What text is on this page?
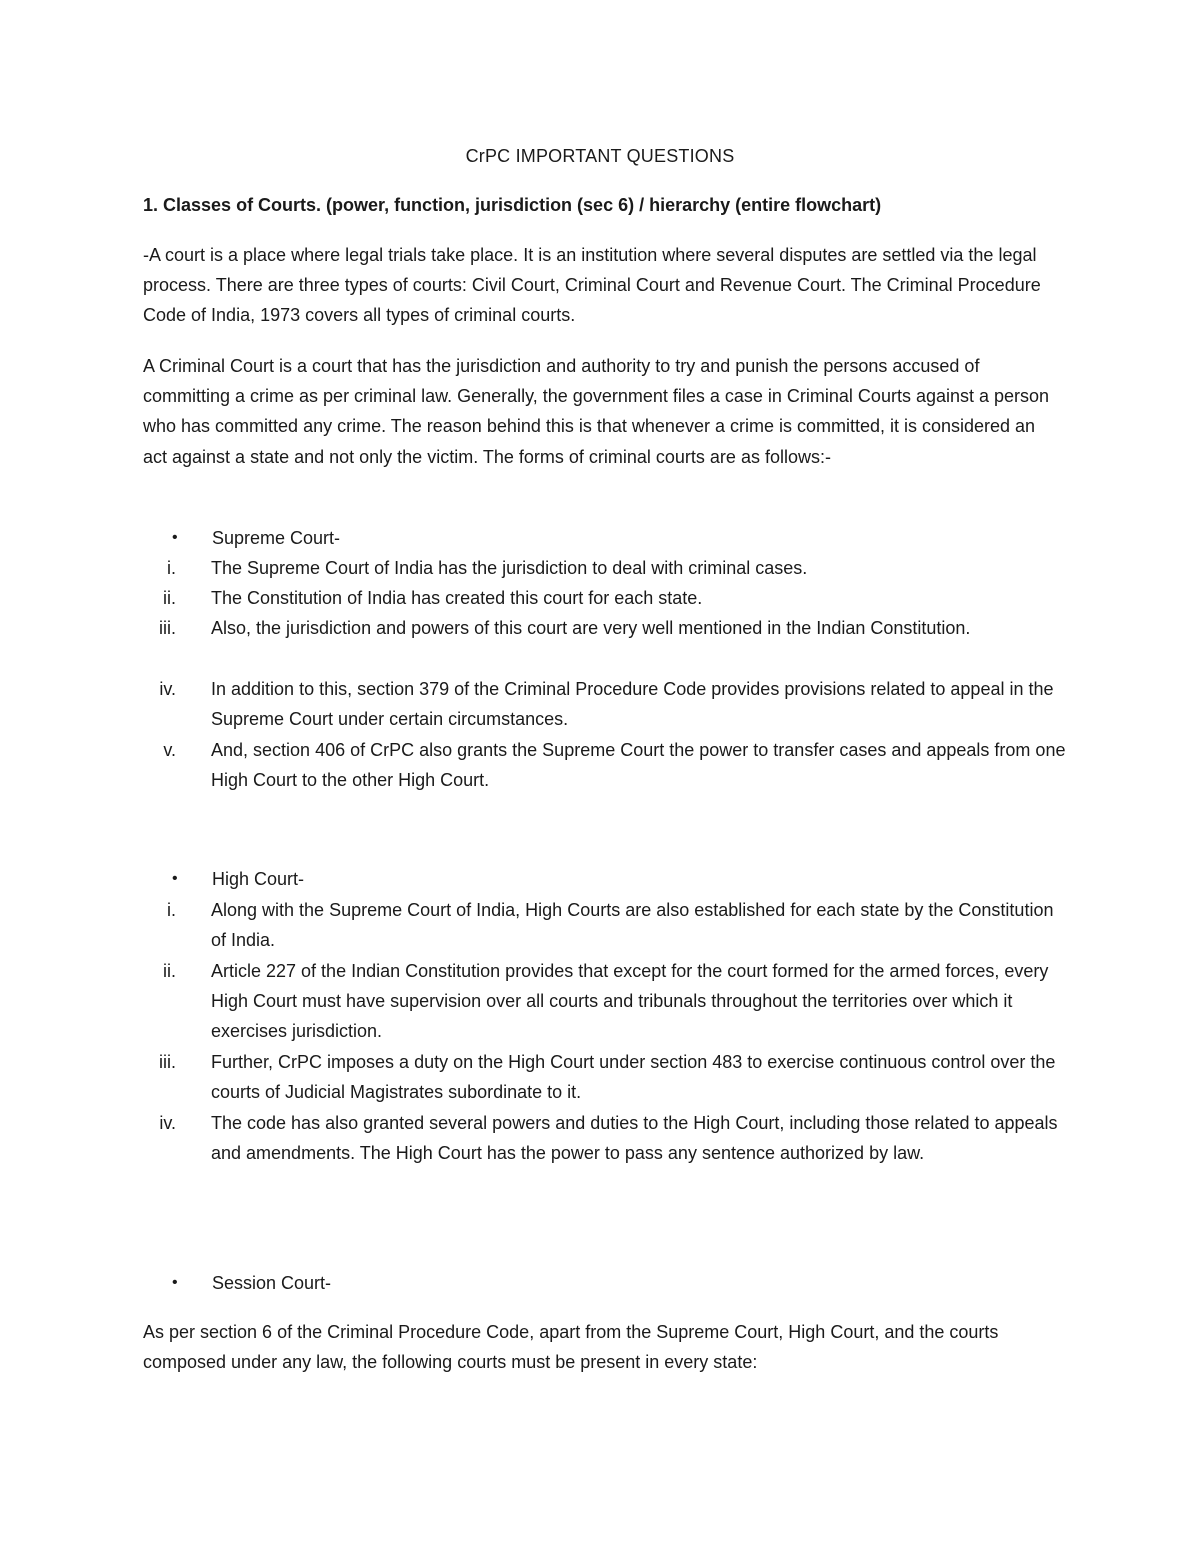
CrPC IMPORTANT QUESTIONS
1. Classes of Courts. (power, function, jurisdiction (sec 6) / hierarchy (entire flowchart)

-A court is a place where legal trials take place. It is an institution where several disputes are settled via the legal process. There are three types of courts: Civil Court, Criminal Court and Revenue Court. The Criminal Procedure Code of India, 1973 covers all types of criminal courts.

A Criminal Court is a court that has the jurisdiction and authority to try and punish the persons accused of committing a crime as per criminal law. Generally, the government files a case in Criminal Courts against a person who has committed any crime. The reason behind this is that whenever a crime is committed, it is considered an act against a state and not only the victim. The forms of criminal courts are as follows:-

•	Supreme Court-
i.	The Supreme Court of India has the jurisdiction to deal with criminal cases.
ii.	The Constitution of India has created this court for each state.
iii.	Also, the jurisdiction and powers of this court are very well mentioned in the Indian Constitution.
iv.	In addition to this, section 379 of the Criminal Procedure Code provides provisions related to appeal in the Supreme Court under certain circumstances.
v.	And, section 406 of CrPC also grants the Supreme Court the power to transfer cases and appeals from one High Court to the other High Court.
•	High Court-
i.	Along with the Supreme Court of India, High Courts are also established for each state by the Constitution of India.
ii.	Article 227 of the Indian Constitution provides that except for the court formed for the armed forces, every High Court must have supervision over all courts and tribunals throughout the territories over which it exercises jurisdiction.
iii.	Further, CrPC imposes a duty on the High Court under section 483 to exercise continuous control over the courts of Judicial Magistrates subordinate to it.
iv.	The code has also granted several powers and duties to the High Court, including those related to appeals and amendments. The High Court has the power to pass any sentence authorized by law.
•	Session Court-

As per section 6 of the Criminal Procedure Code, apart from the Supreme Court, High Court, and the courts composed under any law, the following courts must be present in every state:
